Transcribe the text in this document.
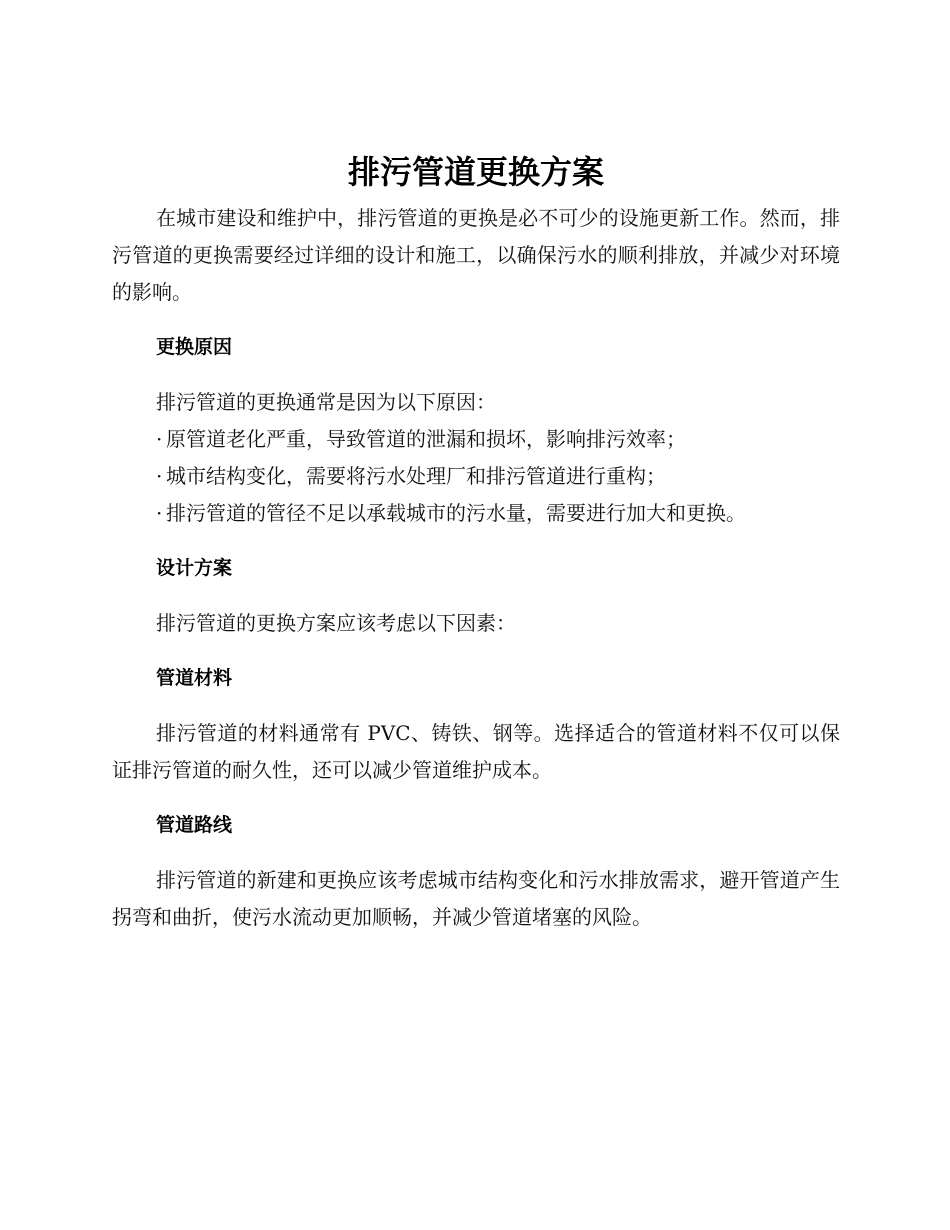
排污管道更换方案

在城市建设和维护中，排污管道的更换是必不可少的设施更新工作。然而，排污管道的更换需要经过详细的设计和施工，以确保污水的顺利排放，并减少对环境的影响。

更换原因

排污管道的更换通常是因为以下原因：

· 原管道老化严重，导致管道的泄漏和损坏，影响排污效率；

· 城市结构变化，需要将污水处理厂和排污管道进行重构；

· 排污管道的管径不足以承载城市的污水量，需要进行加大和更换。

设计方案

排污管道的更换方案应该考虑以下因素：

管道材料

排污管道的材料通常有 PVC、铸铁、钢等。选择适合的管道材料不仅可以保证排污管道的耐久性，还可以减少管道维护成本。

管道路线

排污管道的新建和更换应该考虑城市结构变化和污水排放需求，避开管道产生拐弯和曲折，使污水流动更加顺畅，并减少管道堵塞的风险。
